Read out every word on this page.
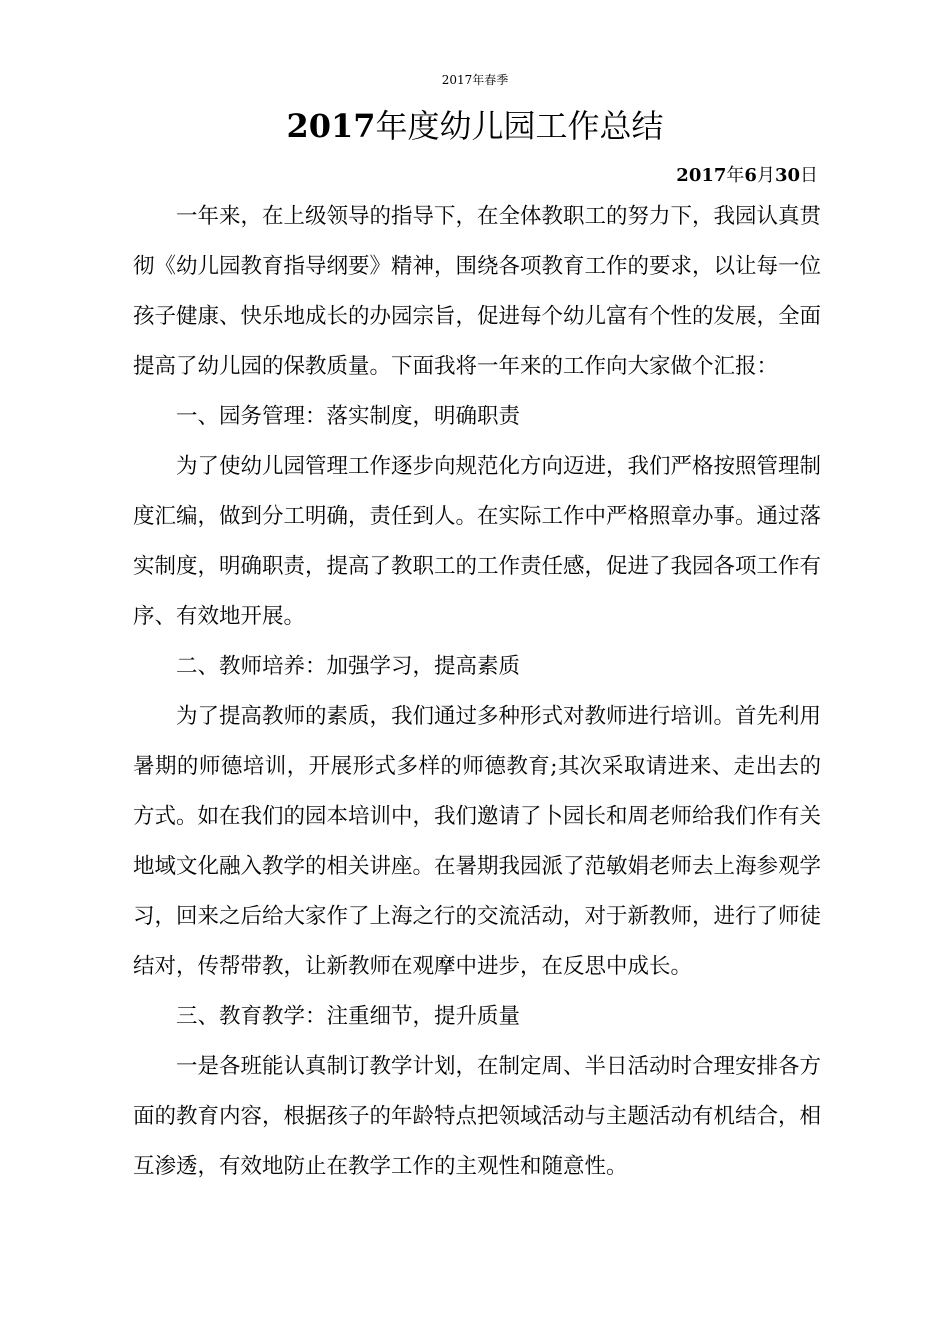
2017年春季
2017年度幼儿园工作总结
2017年6月30日

一年来，在上级领导的指导下，在全体教职工的努力下，我园认真贯彻《幼儿园教育指导纲要》精神，围绕各项教育工作的要求，以让每一位孩子健康、快乐地成长的办园宗旨，促进每个幼儿富有个性的发展，全面提高了幼儿园的保教质量。下面我将一年来的工作向大家做个汇报：

一、园务管理：落实制度，明确职责

为了使幼儿园管理工作逐步向规范化方向迈进，我们严格按照管理制度汇编，做到分工明确，责任到人。在实际工作中严格照章办事。通过落实制度，明确职责，提高了教职工的工作责任感，促进了我园各项工作有序、有效地开展。

二、教师培养：加强学习，提高素质

为了提高教师的素质，我们通过多种形式对教师进行培训。首先利用暑期的师德培训，开展形式多样的师德教育;其次采取请进来、走出去的方式。如在我们的园本培训中，我们邀请了卜园长和周老师给我们作有关地域文化融入教学的相关讲座。在暑期我园派了范敏娟老师去上海参观学习，回来之后给大家作了上海之行的交流活动，对于新教师，进行了师徒结对，传帮带教，让新教师在观摩中进步，在反思中成长。

三、教育教学：注重细节，提升质量

一是各班能认真制订教学计划，在制定周、半日活动时合理安排各方面的教育内容，根据孩子的年龄特点把领域活动与主题活动有机结合，相互渗透，有效地防止在教学工作的主观性和随意性。
